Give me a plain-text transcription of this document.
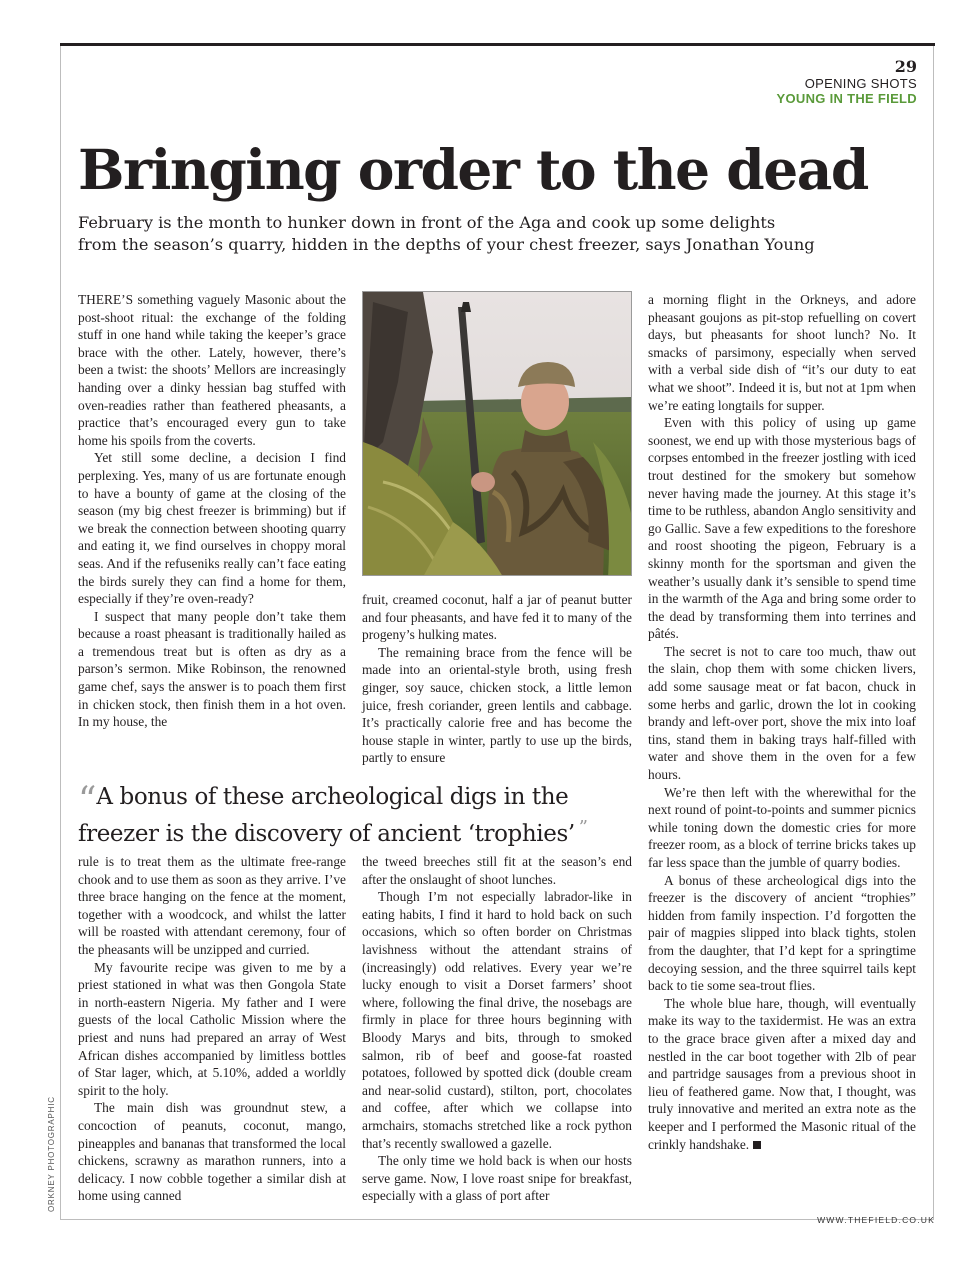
29
OPENING SHOTS
YOUNG IN THE FIELD
Bringing order to the dead
February is the month to hunker down in front of the Aga and cook up some delights
from the season’s quarry, hidden in the depths of your chest freezer, says Jonathan Young

THERE’S something vaguely Masonic about the post-shoot ritual: the exchange of the folding stuff in one hand while taking the keeper’s grace brace with the other. Lately, however, there’s been a twist: the shoots’ Mellors are increasingly handing over a dinky hessian bag stuffed with oven-readies rather than feathered pheasants, a practice that’s encouraged every gun to take home his spoils from the coverts.

Yet still some decline, a decision I find perplexing. Yes, many of us are fortunate enough to have a bounty of game at the closing of the season (my big chest freezer is brimming) but if we break the connection between shooting quarry and eating it, we find ourselves in choppy moral seas. And if the refuseniks really can’t face eating the birds surely they can find a home for them, especially if they’re oven-ready?

I suspect that many people don’t take them because a roast pheasant is traditionally hailed as a tremendous treat but is often as dry as a parson’s sermon. Mike Robinson, the renowned game chef, says the answer is to poach them first in chicken stock, then finish them in a hot oven. In my house, the

fruit, creamed coconut, half a jar of peanut butter and four pheasants, and have fed it to many of the progeny’s hulking mates.

The remaining brace from the fence will be made into an oriental-style broth, using fresh ginger, soy sauce, chicken stock, a little lemon juice, fresh coriander, green lentils and cabbage. It’s practically calorie free and has become the house staple in winter, partly to use up the birds, partly to ensure

a morning flight in the Orkneys, and adore pheasant goujons as pit-stop refuelling on covert days, but pheasants for shoot lunch? No. It smacks of parsimony, especially when served with a verbal side dish of “it’s our duty to eat what we shoot”. Indeed it is, but not at 1pm when we’re eating longtails for supper.

Even with this policy of using up game soonest, we end up with those mysterious bags of corpses entombed in the freezer jostling with iced trout destined for the smokery but somehow never having made the journey. At this stage it’s time to be ruthless, abandon Anglo sensitivity and go Gallic. Save a few expeditions to the foreshore and roost shooting the pigeon, February is a skinny month for the sportsman and given the weather’s usually dank it’s sensible to spend time in the warmth of the Aga and bring some order to the dead by transforming them into terrines and pâtés.

The secret is not to care too much, thaw out the slain, chop them with some chicken livers, add some sausage meat or fat bacon, chuck in some herbs and garlic, drown the lot in cooking brandy and left-over port, shove the mix into loaf tins, stand them in baking trays half-filled with water and shove them in the oven for a few hours.

We’re then left with the wherewithal for the next round of point-to-points and summer picnics while toning down the domestic cries for more freezer room, as a block of terrine bricks takes up far less space than the jumble of quarry bodies.

A bonus of these archeological digs into the freezer is the discovery of ancient “trophies” hidden from family inspection. I’d forgotten the pair of magpies slipped into black tights, stolen from the daughter, that I’d kept for a springtime decoying session, and the three squirrel tails kept back to tie some sea-trout flies.

The whole blue hare, though, will eventually make its way to the taxidermist. He was an extra to the grace brace given after a mixed day and nestled in the car boot together with 2lb of pear and partridge sausages from a previous shoot in lieu of feathered game. Now that, I thought, was truly innovative and merited an extra note as the keeper and I performed the Masonic ritual of the crinkly handshake.

“ A bonus of these archeological digs in the freezer is the discovery of ancient ‘trophies’ ”

rule is to treat them as the ultimate free-range chook and to use them as soon as they arrive. I’ve three brace hanging on the fence at the moment, together with a woodcock, and whilst the latter will be roasted with attendant ceremony, four of the pheasants will be unzipped and curried.

My favourite recipe was given to me by a priest stationed in what was then Gongola State in north-eastern Nigeria. My father and I were guests of the local Catholic Mission where the priest and nuns had prepared an array of West African dishes accompanied by limitless bottles of Star lager, which, at 5.10%, added a worldly spirit to the holy.

The main dish was groundnut stew, a concoction of peanuts, coconut, mango, pineapples and bananas that transformed the local chickens, scrawny as marathon runners, into a delicacy. I now cobble together a similar dish at home using canned

the tweed breeches still fit at the season’s end after the onslaught of shoot lunches.

Though I’m not especially labrador-like in eating habits, I find it hard to hold back on such occasions, which so often border on Christmas lavishness without the attendant strains of (increasingly) odd relatives. Every year we’re lucky enough to visit a Dorset farmers’ shoot where, following the final drive, the nosebags are firmly in place for three hours beginning with Bloody Marys and bits, through to smoked salmon, rib of beef and goose-fat roasted potatoes, followed by spotted dick (double cream and near-solid custard), stilton, port, chocolates and coffee, after which we collapse into armchairs, stomachs stretched like a rock python that’s recently swallowed a gazelle.

The only time we hold back is when our hosts serve game. Now, I love roast snipe for breakfast, especially with a glass of port after

ORKNEY PHOTOGRAPHIC
WWW.THEFIELD.CO.UK
